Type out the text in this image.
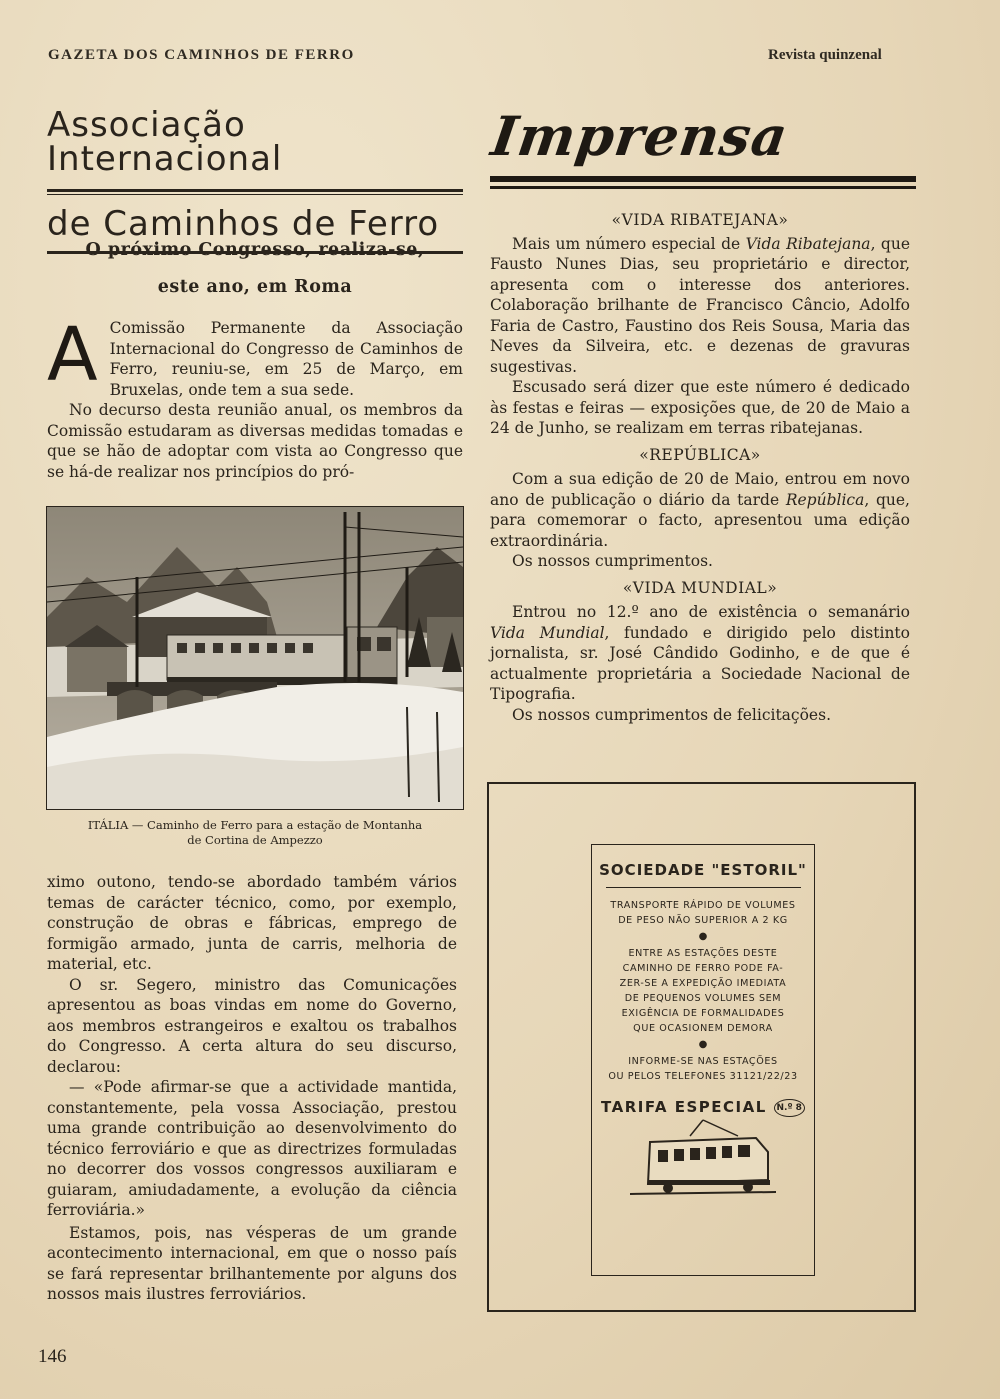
GAZETA DOS CAMINHOS DE FERRO	Revista quinzenal
Associação Internacional
de Caminhos de Ferro
O próximo Congresso, realiza-se,
este ano, em Roma
A Comissão Permanente da Associação Internacional do Congresso de Caminhos de Ferro, reuniu-se, em 25 de Março, em Bruxelas, onde tem a sua sede.
No decurso desta reunião anual, os membros da Comissão estudaram as diversas medidas tomadas e que se hão de adoptar com vista ao Congresso que se há-de realizar nos princípios do pró-
ITÁLIA — Caminho de Ferro para a estação de Montanha
de Cortina de Ampezzo
ximo outono, tendo-se abordado também vários temas de carácter técnico, como, por exemplo, construção de obras e fábricas, emprego de formigão armado, junta de carris, melhoria de material, etc.
O sr. Segero, ministro das Comunicações apresentou as boas vindas em nome do Governo, aos membros estrangeiros e exaltou os trabalhos do Congresso. A certa altura do seu discurso, declarou:
— «Pode afirmar-se que a actividade mantida, constantemente, pela vossa Associação, prestou uma grande contribuição ao desenvolvimento do técnico ferroviário e que as directrizes formuladas no decorrer dos vossos congressos auxiliaram e guiaram, amiudadamente, a evolução da ciência ferroviária.»
Estamos, pois, nas vésperas de um grande acontecimento internacional, em que o nosso país se fará representar brilhantemente por alguns dos nossos mais ilustres ferroviários.
Imprensa
«VIDA RIBATEJANA»
Mais um número especial de Vida Ribatejana, que Fausto Nunes Dias, seu proprietário e director, apresenta com o interesse dos anteriores. Colaboração brilhante de Francisco Câncio, Adolfo Faria de Castro, Faustino dos Reis Sousa, Maria das Neves da Silveira, etc. e dezenas de gravuras sugestivas.
Escusado será dizer que este número é dedicado às festas e feiras — exposições que, de 20 de Maio a 24 de Junho, se realizam em terras ribatejanas.
«REPÚBLICA»
Com a sua edição de 20 de Maio, entrou em novo ano de publicação o diário da tarde República, que, para comemorar o facto, apresentou uma edição extraordinária.
Os nossos cumprimentos.
«VIDA MUNDIAL»
Entrou no 12.º ano de existência o semanário Vida Mundial, fundado e dirigido pelo distinto jornalista, sr. José Cândido Godinho, e de que é actualmente proprietária a Sociedade Nacional de Tipografia.
Os nossos cumprimentos de felicitações.
SOCIEDADE "ESTORIL"
TRANSPORTE RÁPIDO DE VOLUMES
DE PESO NÃO SUPERIOR A 2 KG
●
ENTRE AS ESTAÇÕES DESTE
CAMINHO DE FERRO PODE FA-
ZER-SE A EXPEDIÇÃO IMEDIATA
DE PEQUENOS VOLUMES SEM
EXIGÊNCIA DE FORMALIDADES
QUE OCASIONEM DEMORA
●
INFORME-SE NAS ESTAÇÕES
OU PELOS TELEFONES 31121/22/23
TARIFA ESPECIAL N.º 8
146
